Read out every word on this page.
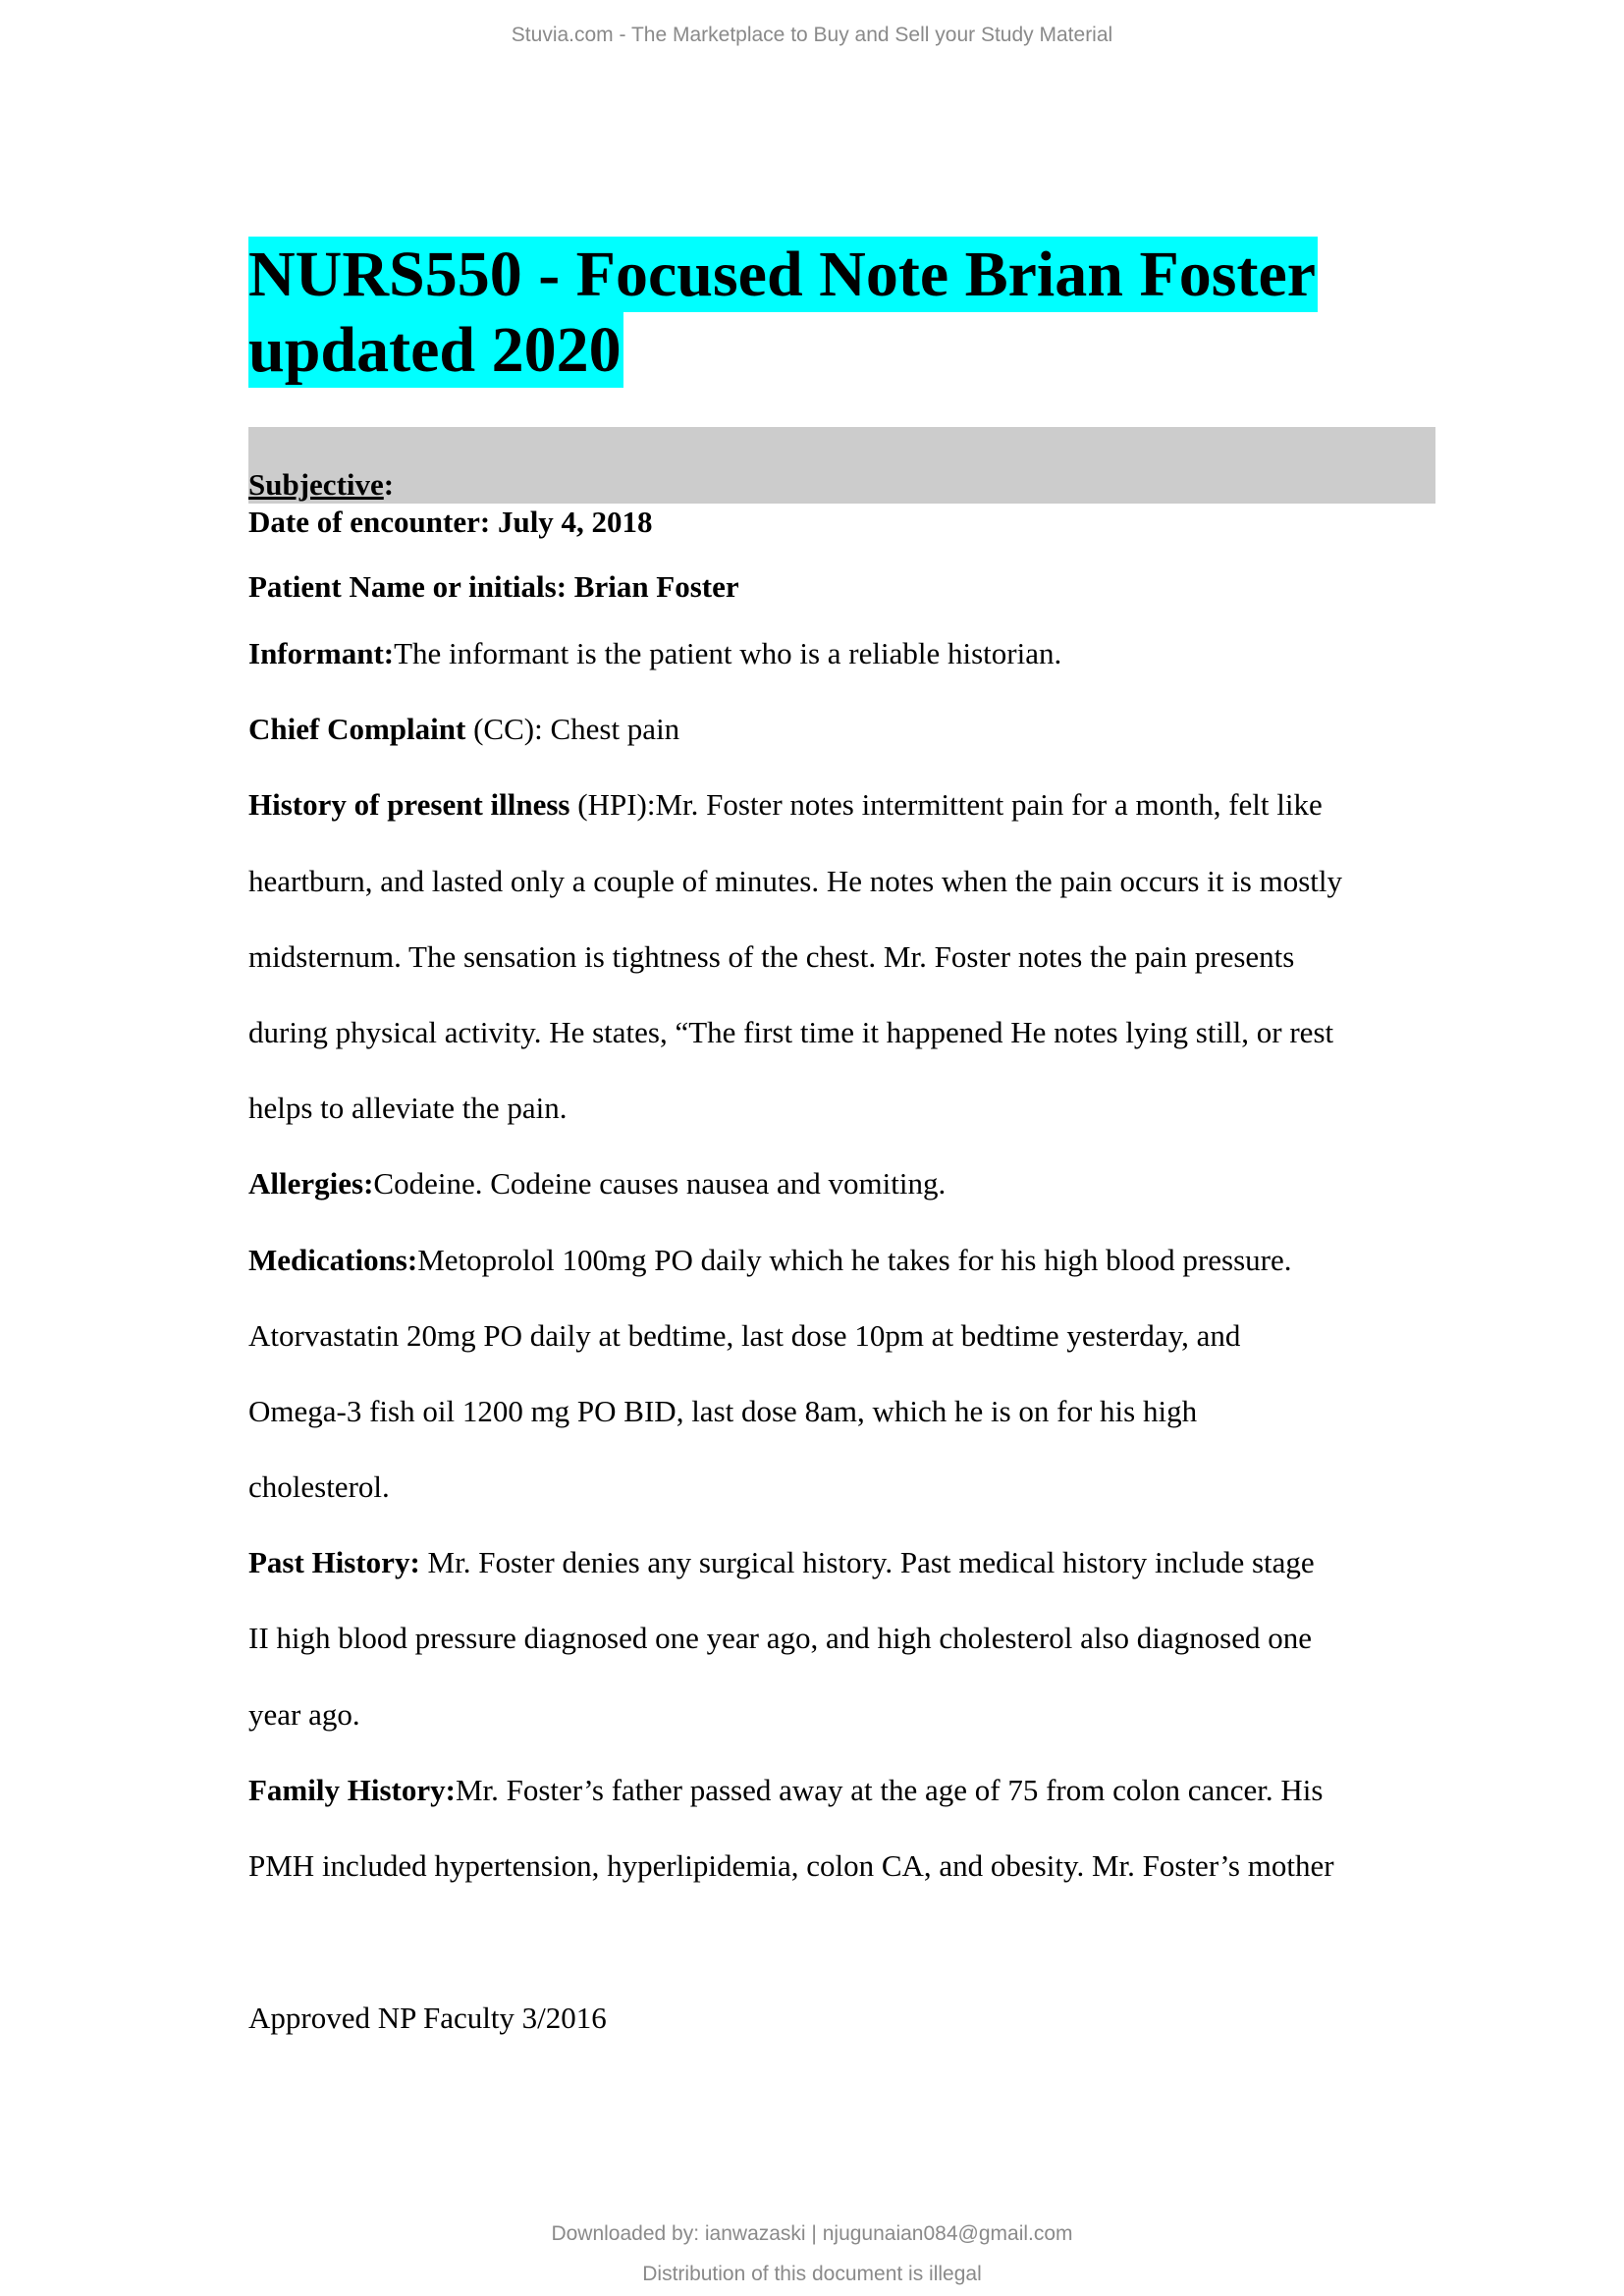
Stuvia.com - The Marketplace to Buy and Sell your Study Material
NURS550 - Focused Note Brian Foster
updated 2020
Subjective:
Date of encounter: July 4, 2018
Patient Name or initials: Brian Foster
Informant:The informant is the patient who is a reliable historian.
Chief Complaint (CC): Chest pain
History of present illness (HPI):Mr. Foster notes intermittent pain for a month, felt like
heartburn, and lasted only a couple of minutes. He notes when the pain occurs it is mostly
midsternum. The sensation is tightness of the chest. Mr. Foster notes the pain presents
during physical activity. He states, “The first time it happened He notes lying still, or rest
helps to alleviate the pain.
Allergies:Codeine. Codeine causes nausea and vomiting.
Medications:Metoprolol 100mg PO daily which he takes for his high blood pressure.
Atorvastatin 20mg PO daily at bedtime, last dose 10pm at bedtime yesterday, and
Omega-3 fish oil 1200 mg PO BID, last dose 8am, which he is on for his high
cholesterol.
Past History: Mr. Foster denies any surgical history. Past medical history include stage
II high blood pressure diagnosed one year ago, and high cholesterol also diagnosed one
year ago.
Family History:Mr. Foster’s father passed away at the age of 75 from colon cancer. His
PMH included hypertension, hyperlipidemia, colon CA, and obesity. Mr. Foster’s mother
Approved NP Faculty 3/2016
Downloaded by: ianwazaski | njugunaian084@gmail.com
Distribution of this document is illegal
